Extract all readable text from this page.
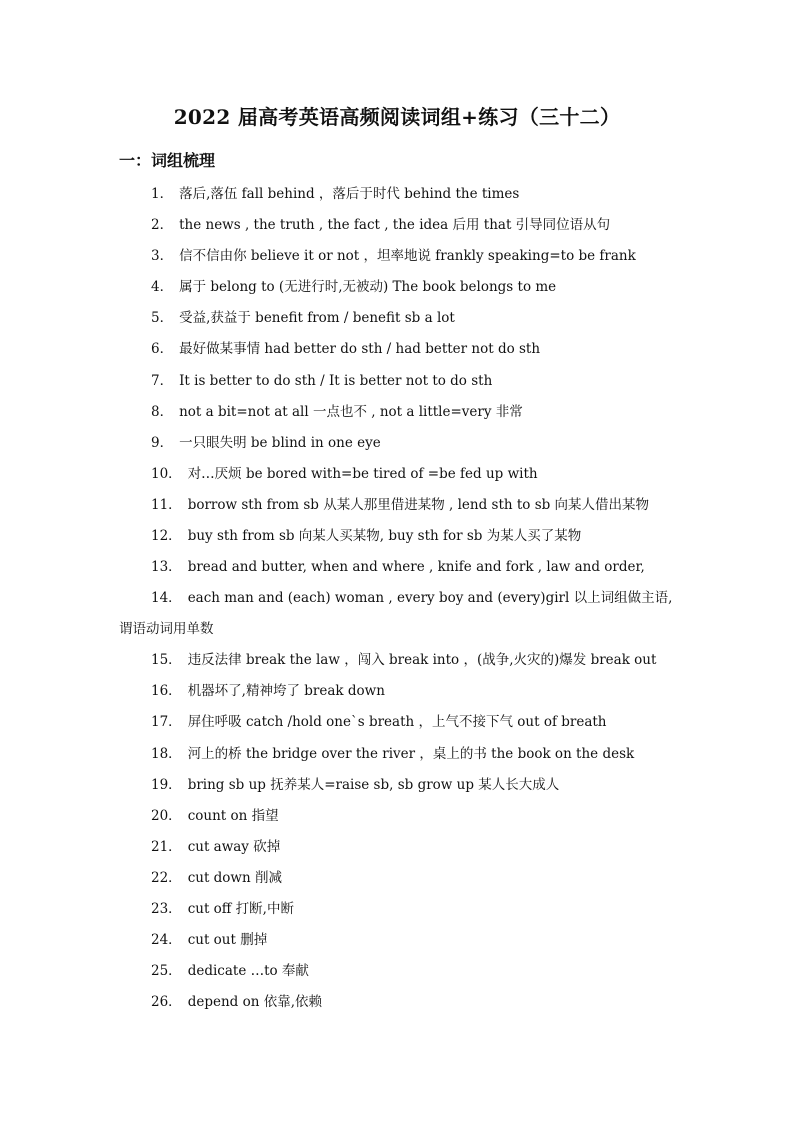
2022 届高考英语高频阅读词组+练习（三十二）
一：词组梳理
1． 落后,落伍 fall behind ，落后于时代 behind the times
2． the news , the truth , the fact , the idea 后用 that 引导同位语从句
3． 信不信由你 believe it or not ，坦率地说 frankly speaking=to be frank
4． 属于 belong to (无进行时,无被动) The book belongs to me
5． 受益,获益于 benefit from / benefit sb a lot
6． 最好做某事情 had better do sth / had better not do sth
7． It is better to do sth / It is better not to do sth
8． not a bit=not at all 一点也不 , not a little=very 非常
9． 一只眼失明 be blind in one eye
10． 对…厌烦 be bored with=be tired of =be fed up with
11． borrow sth from sb 从某人那里借进某物 , lend sth to sb 向某人借出某物
12． buy sth from sb 向某人买某物, buy sth for sb 为某人买了某物
13． bread and butter, when and where , knife and fork , law and order,
14． each man and (each) woman , every boy and (every)girl 以上词组做主语,
谓语动词用单数
15． 违反法律 break the law ，闯入 break into ，(战争,火灾的)爆发 break out
16． 机器坏了,精神垮了 break down
17． 屏住呼吸 catch /hold one`s breath ，上气不接下气 out of breath
18． 河上的桥 the bridge over the river ，桌上的书 the book on the desk
19． bring sb up 抚养某人=raise sb, sb grow up 某人长大成人
20． count on 指望
21． cut away 砍掉
22． cut down 削减
23． cut off 打断,中断
24． cut out 删掉
25． dedicate …to 奉献
26． depend on 依靠,依赖
